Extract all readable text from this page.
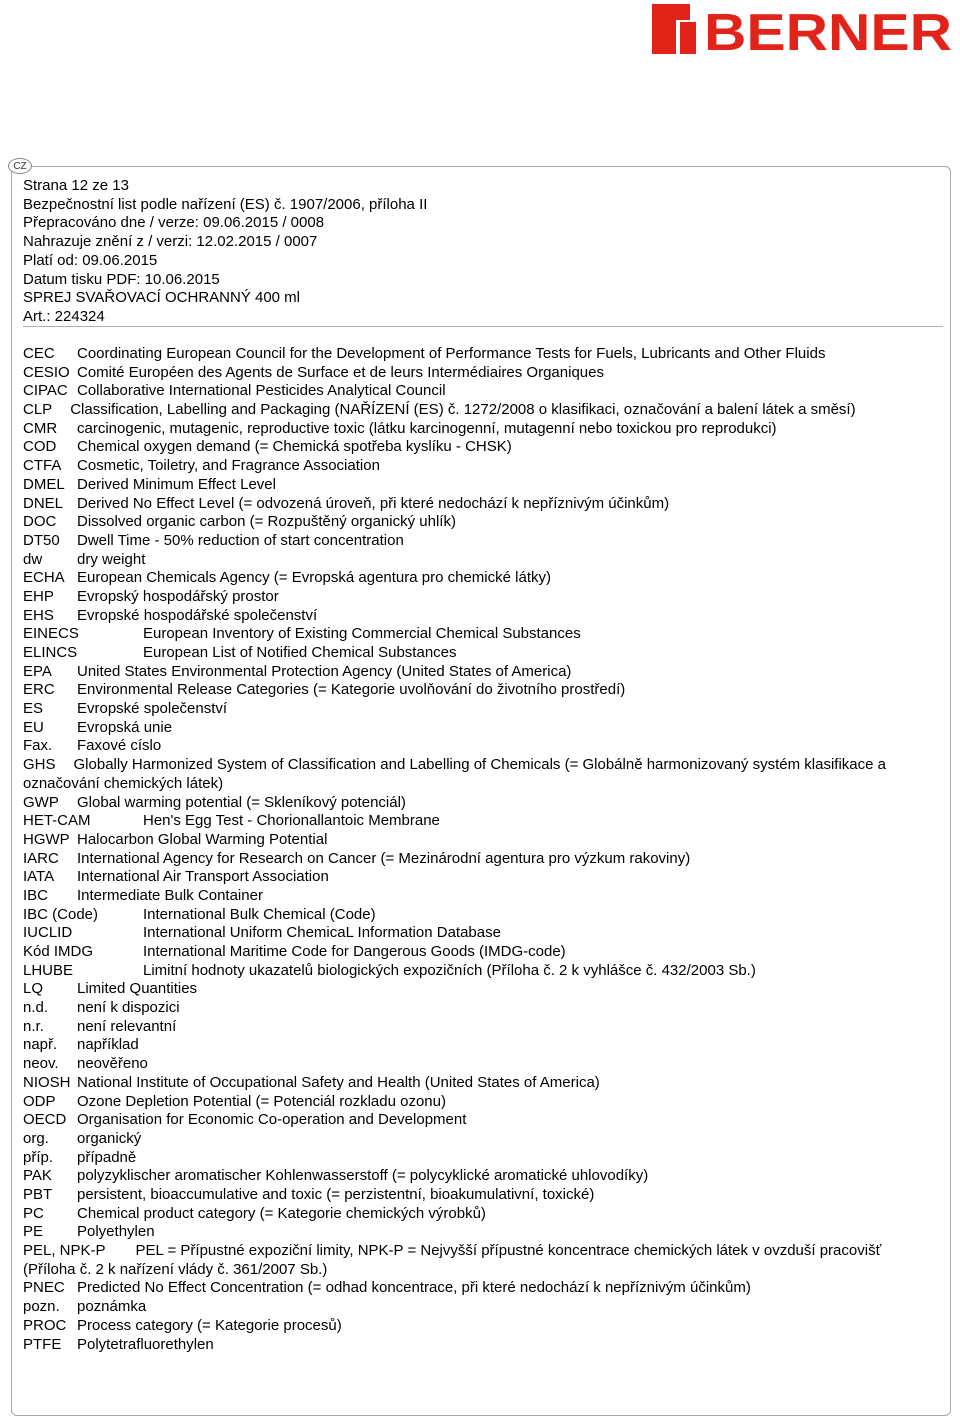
BERNER
CZ
Strana 12 ze 13
Bezpečnostní list podle nařízení (ES) č. 1907/2006, příloha II
Přepracováno dne / verze: 09.06.2015 / 0008
Nahrazuje znění z / verzi: 12.02.2015 / 0007
Platí od: 09.06.2015
Datum tisku PDF: 10.06.2015
SPREJ SVAŘOVACÍ OCHRANNÝ 400 ml
Art.: 224324
CEC Coordinating European Council for the Development of Performance Tests for Fuels, Lubricants and Other Fluids
CESIO Comité Européen des Agents de Surface et de leurs Intermédiaires Organiques
CIPAC Collaborative International Pesticides Analytical Council
CLP Classification, Labelling and Packaging (NAŘÍZENÍ (ES) č. 1272/2008 o klasifikaci, označování a balení látek a směsí)
CMR carcinogenic, mutagenic, reproductive toxic (látku karcinogenní, mutagenní nebo toxickou pro reprodukci)
COD Chemical oxygen demand (= Chemická spotřeba kyslíku - CHSK)
CTFA Cosmetic, Toiletry, and Fragrance Association
DMEL Derived Minimum Effect Level
DNEL Derived No Effect Level (= odvozená úroveň, při které nedochází k nepříznivým účinkům)
DOC Dissolved organic carbon (= Rozpuštěný organický uhlík)
DT50 Dwell Time - 50% reduction of start concentration
dw dry weight
ECHA European Chemicals Agency (= Evropská agentura pro chemické látky)
EHP Evropský hospodářský prostor
EHS Evropské hospodářské společenství
EINECS	European Inventory of Existing Commercial Chemical Substances
ELINCS	European List of Notified Chemical Substances
EPA United States Environmental Protection Agency (United States of America)
ERC Environmental Release Categories (= Kategorie uvolňování do životního prostředí)
ES Evropské společenství
EU Evropská unie
Fax. Faxové císlo
GHS Globally Harmonized System of Classification and Labelling of Chemicals (= Globálně harmonizovaný systém klasifikace a označování chemických látek)
GWP Global warming potential (= Skleníkový potenciál)
HET-CAM	Hen's Egg Test - Chorionallantoic Membrane
HGWP Halocarbon Global Warming Potential
IARC International Agency for Research on Cancer (= Mezinárodní agentura pro výzkum rakoviny)
IATA International Air Transport Association
IBC Intermediate Bulk Container
IBC (Code)	International Bulk Chemical (Code)
IUCLID	International Uniform ChemicaL Information Database
Kód IMDG	International Maritime Code for Dangerous Goods (IMDG-code)
LHUBE	Limitní hodnoty ukazatelů biologických expozičních (Příloha č. 2 k vyhlášce č. 432/2003 Sb.)
LQ Limited Quantities
n.d. není k dispozici
n.r. není relevantní
např. například
neov. neověřeno
NIOSH National Institute of Occupational Safety and Health (United States of America)
ODP Ozone Depletion Potential (= Potenciál rozkladu ozonu)
OECD Organisation for Economic Co-operation and Development
org. organický
příp. případně
PAK polyzyklischer aromatischer Kohlenwasserstoff (= polycyklické aromatické uhlovodíky)
PBT persistent, bioaccumulative and toxic (= perzistentní, bioakumulativní, toxické)
PC Chemical product category (= Kategorie chemických výrobků)
PE Polyethylen
PEL, NPK-P PEL = Přípustné expoziční limity, NPK-P = Nejvyšší přípustné koncentrace chemických látek v ovzduší pracovišť (Příloha č. 2 k nařízení vlády č. 361/2007 Sb.)
PNEC Predicted No Effect Concentration (= odhad koncentrace, při které nedochází k nepříznivým účinkům)
pozn. poznámka
PROC Process category (= Kategorie procesů)
PTFE Polytetrafluorethylen
